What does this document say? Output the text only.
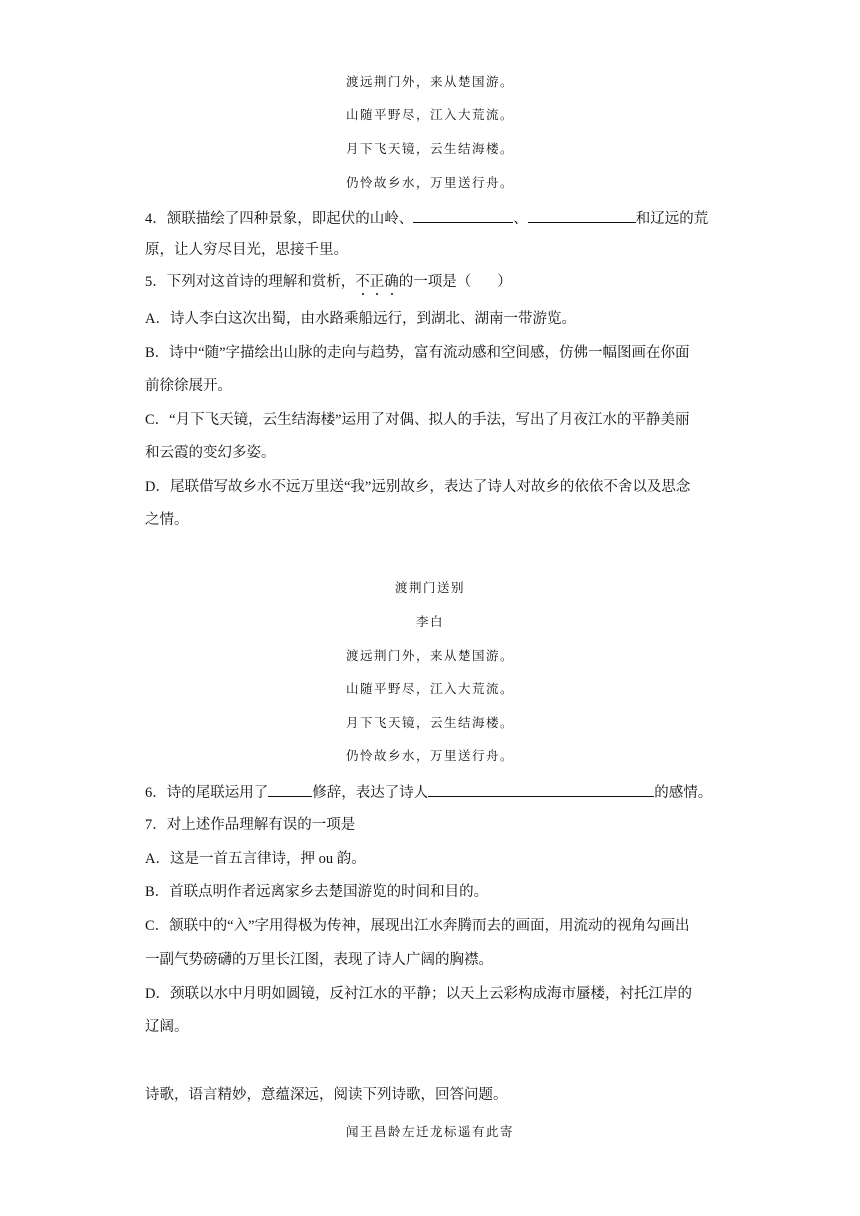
渡远荆门外，来从楚国游。
山随平野尽，江入大荒流。
月下飞天镜，云生结海楼。
仍怜故乡水，万里送行舟。
4．颔联描绘了四种景象，即起伏的山岭、	、	和辽远的荒
原，让人穷尽目光，思接千里。
5．下列对这首诗的理解和赏析，不正确的一项是（ ）
A．诗人李白这次出蜀，由水路乘船远行，到湖北、湖南一带游览。
B．诗中“随”字描绘出山脉的走向与趋势，富有流动感和空间感，仿佛一幅图画在你面
前徐徐展开。
C．“月下飞天镜，云生结海楼”运用了对偶、拟人的手法，写出了月夜江水的平静美丽
和云霞的变幻多姿。
D．尾联借写故乡水不远万里送“我”远别故乡，表达了诗人对故乡的依依不舍以及思念
之情。
渡荆门送别
李白
渡远荆门外，来从楚国游。
山随平野尽，江入大荒流。
月下飞天镜，云生结海楼。
仍怜故乡水，万里送行舟。
6．诗的尾联运用了	修辞，表达了诗人	的感情。
7．对上述作品理解有误的一项是
A．这是一首五言律诗，押 ou 韵。
B．首联点明作者远离家乡去楚国游览的时间和目的。
C．颔联中的“入”字用得极为传神，展现出江水奔腾而去的画面，用流动的视角勾画出
一副气势磅礴的万里长江图，表现了诗人广阔的胸襟。
D．颈联以水中月明如圆镜，反衬江水的平静；以天上云彩构成海市蜃楼，衬托江岸的
辽阔。
诗歌，语言精妙，意蕴深远，阅读下列诗歌，回答问题。
闻王昌龄左迁龙标遥有此寄
